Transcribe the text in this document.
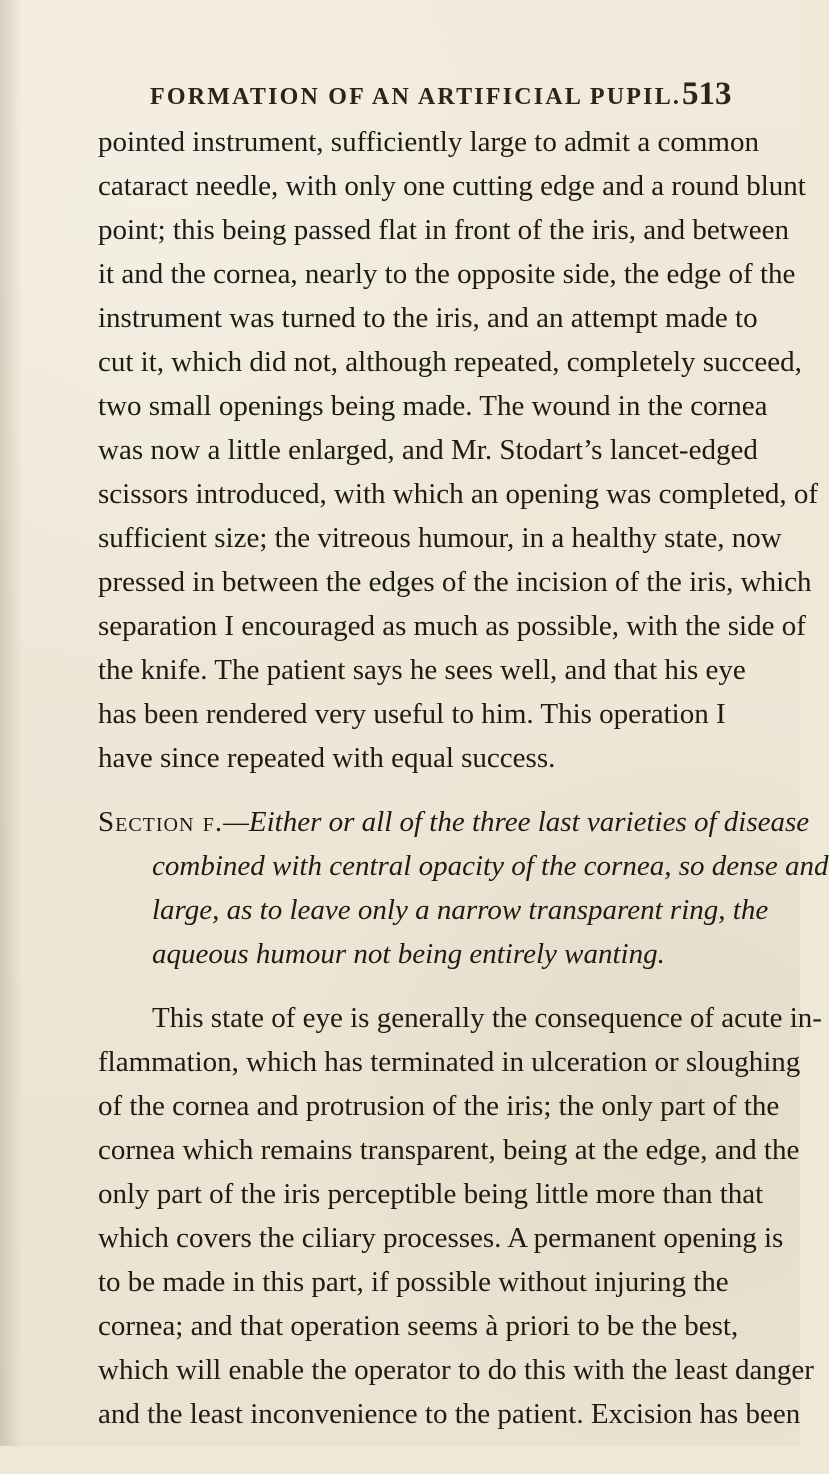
FORMATION OF AN ARTIFICIAL PUPIL. 513
pointed instrument, sufficiently large to admit a common
cataract needle, with only one cutting edge and a round blunt
point; this being passed flat in front of the iris, and between
it and the cornea, nearly to the opposite side, the edge of the
instrument was turned to the iris, and an attempt made to
cut it, which did not, although repeated, completely succeed,
two small openings being made. The wound in the cornea
was now a little enlarged, and Mr. Stodart’s lancet-edged
scissors introduced, with which an opening was completed, of
sufficient size; the vitreous humour, in a healthy state, now
pressed in between the edges of the incision of the iris, which
separation I encouraged as much as possible, with the side of
the knife. The patient says he sees well, and that his eye
has been rendered very useful to him. This operation I
have since repeated with equal success.
Section f.—Either or all of the three last varieties of disease
combined with central opacity of the cornea, so dense and
large, as to leave only a narrow transparent ring, the
aqueous humour not being entirely wanting.
This state of eye is generally the consequence of acute in-
flammation, which has terminated in ulceration or sloughing
of the cornea and protrusion of the iris; the only part of the
cornea which remains transparent, being at the edge, and the
only part of the iris perceptible being little more than that
which covers the ciliary processes. A permanent opening is
to be made in this part, if possible without injuring the
cornea; and that operation seems à priori to be the best,
which will enable the operator to do this with the least danger
and the least inconvenience to the patient. Excision has been
